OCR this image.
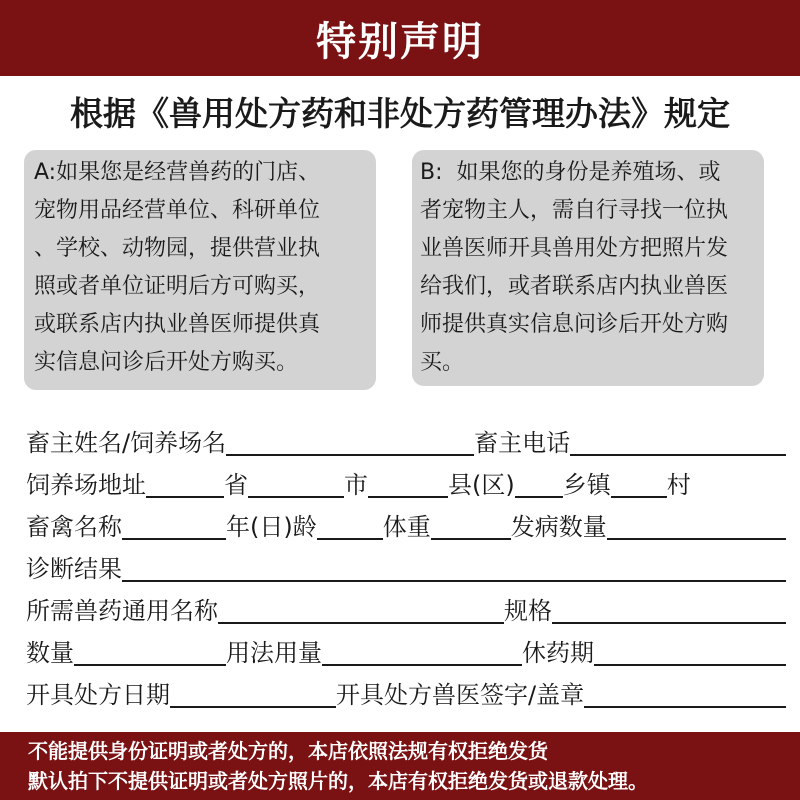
特别声明
根据《兽用处方药和非处方药管理办法》规定
A:如果您是经营兽药的门店、
宠物用品经营单位、科研单位
、学校、动物园，提供营业执
照或者单位证明后方可购买，
或联系店内执业兽医师提供真
实信息问诊后开处方购买。
B:  如果您的身份是养殖场、或
者宠物主人，需自行寻找一位执
业兽医师开具兽用处方把照片发
给我们，或者联系店内执业兽医
师提供真实信息问诊后开处方购
买。
畜主姓名/饲养场名	畜主电话
饲养场地址	省	市	县(区) 乡镇 村
畜禽名称	年(日)龄	体重	发病数量
诊断结果
所需兽药通用名称	规格
数量	用法用量	休药期
开具处方日期	开具处方兽医签字/盖章
不能提供身份证明或者处方的，本店依照法规有权拒绝发货
默认拍下不提供证明或者处方照片的，本店有权拒绝发货或退款处理。
